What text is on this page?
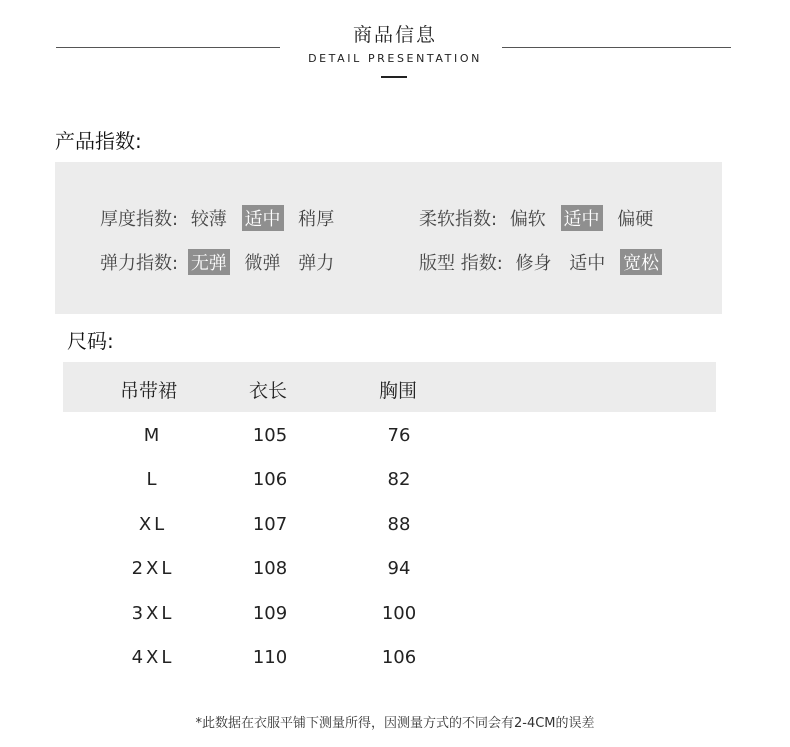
商品信息
DETAIL PRESENTATION
产品指数:
厚度指数: 较薄 适中 稍厚	柔软指数: 偏软 适中 偏硬
弹力指数: 无弹 微弹 弹力	版型 指数: 修身 适中 宽松
尺码:
吊带裙	衣长	胸围
M	105	76
L	106	82
XL	107	88
2XL	108	94
3XL	109	100
4XL	110	106
*此数据在衣服平铺下测量所得，因测量方式的不同会有2-4CM的误差
